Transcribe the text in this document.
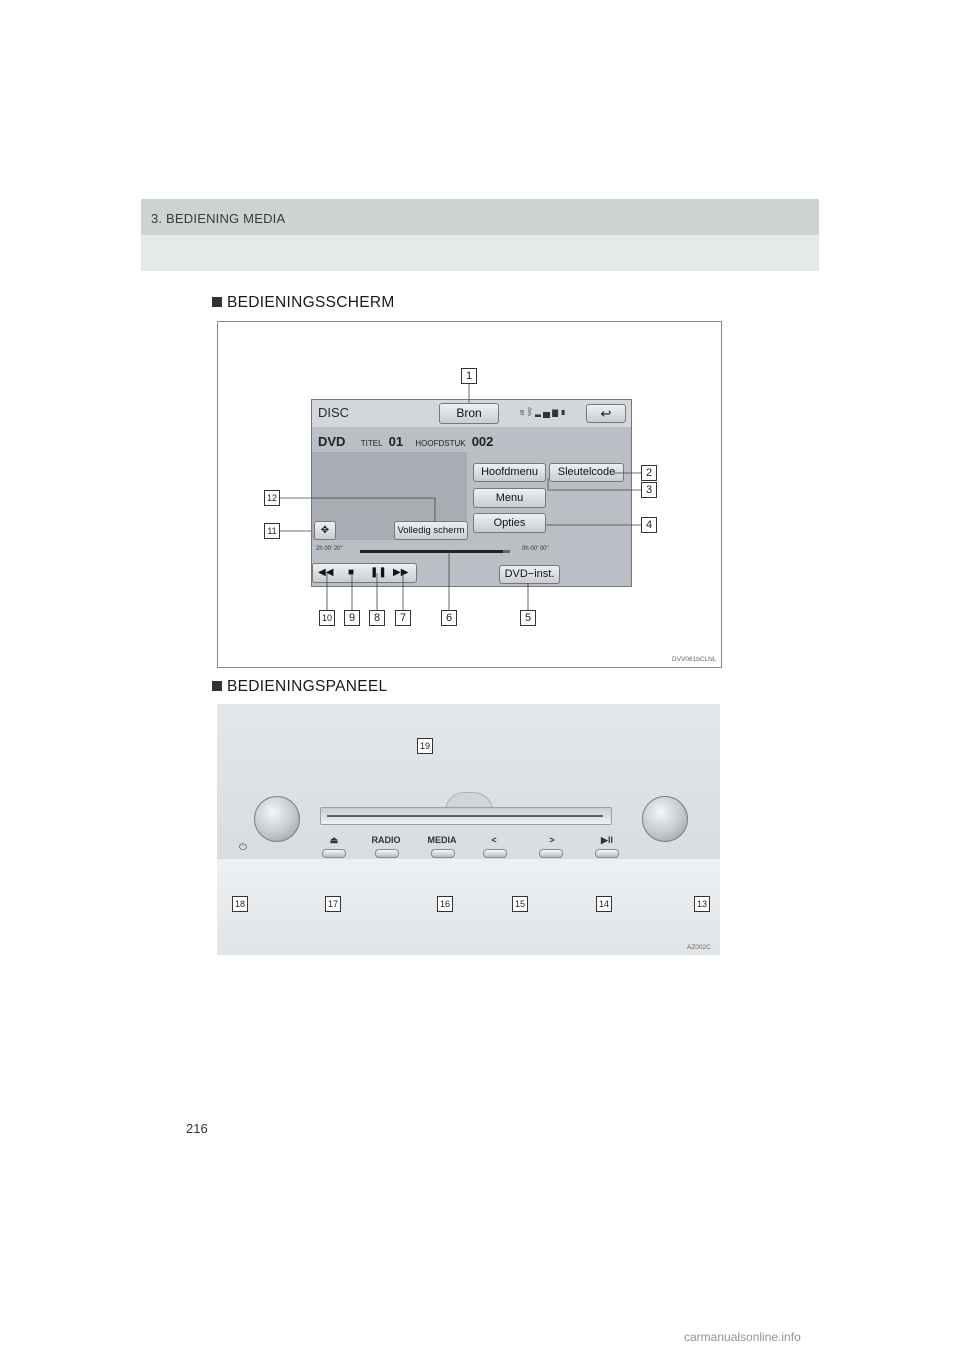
3. BEDIENING MEDIA
BEDIENINGSSCHERM
DVV061bCLNL
DISC	Bron	≋ᛒ▂▄▆▮	↩
DVD TITEL 01 HOOFDSTUK 002
Hoofdmenu	Sleutelcode
Menu
Opties
Volledig scherm
✥
2h 00' 20"	0h 00' 00"
◀◀ ■ ❚❚ ▶▶	DVD−inst.
1
2
3
4
5
6
7
8
9
10
11
12
BEDIENINGSPANEEL
⏻
⏏	RADIO	MEDIA	<	>	▶ll
AZ002C
19
13
14
15
16
17
18
216
carmanualsonline.info
